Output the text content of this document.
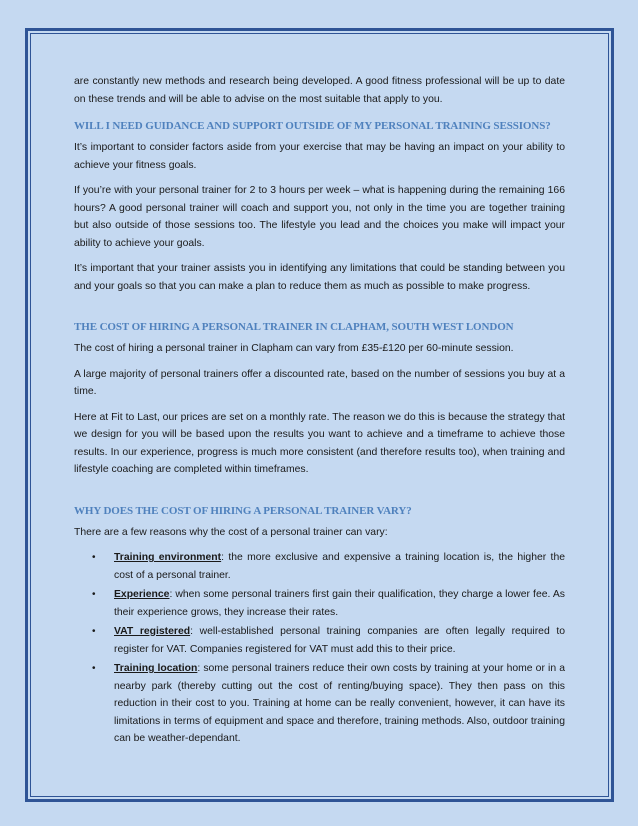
are constantly new methods and research being developed. A good fitness professional will be up to date on these trends and will be able to advise on the most suitable that apply to you.

WILL I NEED GUIDANCE AND SUPPORT OUTSIDE OF MY PERSONAL TRAINING SESSIONS?

It’s important to consider factors aside from your exercise that may be having an impact on your ability to achieve your fitness goals.

If you’re with your personal trainer for 2 to 3 hours per week – what is happening during the remaining 166 hours? A good personal trainer will coach and support you, not only in the time you are together training but also outside of those sessions too. The lifestyle you lead and the choices you make will impact your ability to achieve your goals.

It’s important that your trainer assists you in identifying any limitations that could be standing between you and your goals so that you can make a plan to reduce them as much as possible to make progress.

THE COST OF HIRING A PERSONAL TRAINER IN CLAPHAM, SOUTH WEST LONDON

The cost of hiring a personal trainer in Clapham can vary from £35-£120 per 60-minute session.

A large majority of personal trainers offer a discounted rate, based on the number of sessions you buy at a time.

Here at Fit to Last, our prices are set on a monthly rate. The reason we do this is because the strategy that we design for you will be based upon the results you want to achieve and a timeframe to achieve those results. In our experience, progress is much more consistent (and therefore results too), when training and lifestyle coaching are completed within timeframes.

WHY DOES THE COST OF HIRING A PERSONAL TRAINER VARY?

There are a few reasons why the cost of a personal trainer can vary:

• Training environment: the more exclusive and expensive a training location is, the higher the cost of a personal trainer.
• Experience: when some personal trainers first gain their qualification, they charge a lower fee. As their experience grows, they increase their rates.
• VAT registered: well-established personal training companies are often legally required to register for VAT. Companies registered for VAT must add this to their price.
• Training location: some personal trainers reduce their own costs by training at your home or in a nearby park (thereby cutting out the cost of renting/buying space). They then pass on this reduction in their cost to you. Training at home can be really convenient, however, it can have its limitations in terms of equipment and space and therefore, training methods. Also, outdoor training can be weather-dependant.
